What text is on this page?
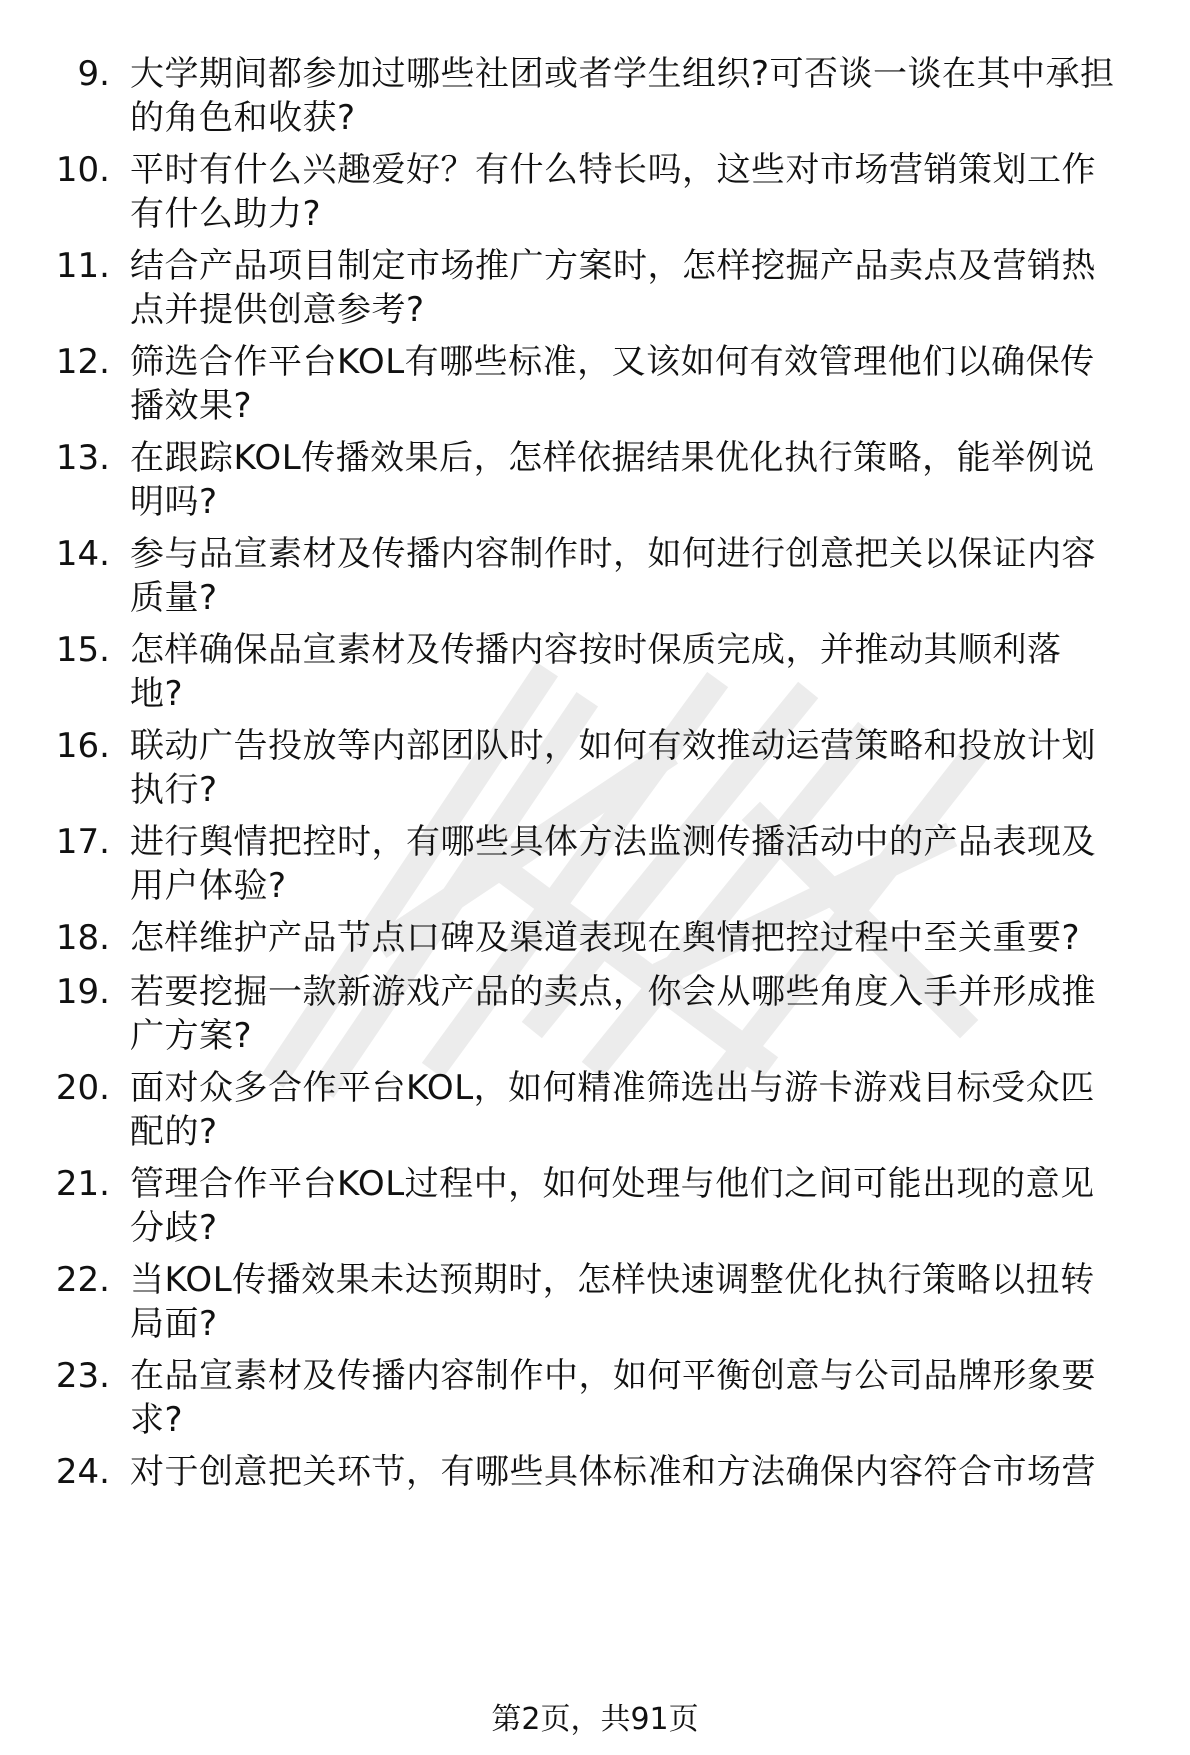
9. 大学期间都参加过哪些社团或者学生组织?可否谈一谈在其中承担
的角色和收获?
10. 平时有什么兴趣爱好？有什么特长吗，这些对市场营销策划工作
有什么助力?
11. 结合产品项目制定市场推广方案时，怎样挖掘产品卖点及营销热
点并提供创意参考?
12. 筛选合作平台KOL有哪些标准，又该如何有效管理他们以确保传
播效果?
13. 在跟踪KOL传播效果后，怎样依据结果优化执行策略，能举例说
明吗?
14. 参与品宣素材及传播内容制作时，如何进行创意把关以保证内容
质量?
15. 怎样确保品宣素材及传播内容按时保质完成，并推动其顺利落
地?
16. 联动广告投放等内部团队时，如何有效推动运营策略和投放计划
执行?
17. 进行舆情把控时，有哪些具体方法监测传播活动中的产品表现及
用户体验?
18. 怎样维护产品节点口碑及渠道表现在舆情把控过程中至关重要?
19. 若要挖掘一款新游戏产品的卖点，你会从哪些角度入手并形成推
广方案?
20. 面对众多合作平台KOL，如何精准筛选出与游卡游戏目标受众匹
配的?
21. 管理合作平台KOL过程中，如何处理与他们之间可能出现的意见
分歧?
22. 当KOL传播效果未达预期时，怎样快速调整优化执行策略以扭转
局面?
23. 在品宣素材及传播内容制作中，如何平衡创意与公司品牌形象要
求?
24. 对于创意把关环节，有哪些具体标准和方法确保内容符合市场营
第2页，共91页
